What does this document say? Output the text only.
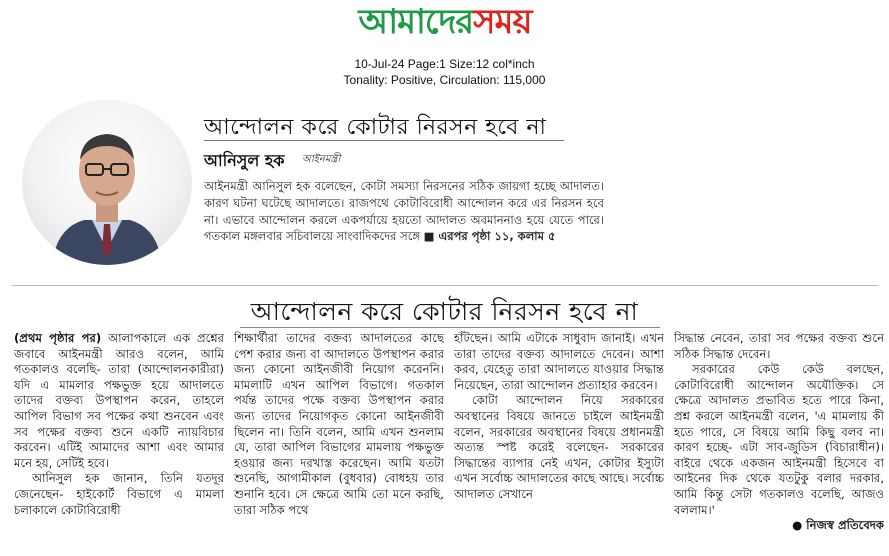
আমাদের সময়
10-Jul-24 Page:1 Size:12 col*inch
Tonality: Positive, Circulation: 115,000
আন্দোলন করে কোটার নিরসন হবে না
আনিসুল হক আইনমন্ত্রী
আইনমন্ত্রী আনিসুল হক বলেছেন, কোটা সমস্যা নিরসনের সঠিক জায়গা হচ্ছে আদালত। কারণ ঘটনা ঘটেছে আদালতে। রাজপথে কোটাবিরোধী আন্দোলন করে এর নিরসন হবে না। এভাবে আন্দোলন করলে একপর্যায়ে হয়তো আদালত অবমাননাও হয়ে যেতে পারে। গতকাল মঙ্গলবার সচিবালয়ে সাংবাদিকদের সঙ্গে ■ এরপর পৃষ্ঠা ১১, কলাম ৫
আন্দোলন করে কোটার নিরসন হবে না

(প্রথম পৃষ্ঠার পর) আলাপকালে এক প্রশ্নের জবাবে আইনমন্ত্রী আরও বলেন, আমি গতকালও বলেছি- তারা (আন্দোলনকারীরা) যদি এ মামলার পক্ষভুক্ত হয়ে আদালতে তাদের বক্তব্য উপস্থাপন করেন, তাহলে আপিল বিভাগ সব পক্ষের কথা শুনবেন এবং সব পক্ষের বক্তব্য শুনে একটি ন্যায়বিচার করবেন। এটিই আমাদের আশা এবং আমার মনে হয়, সেটিই হবে।

আনিসুল হক জানান, তিনি যতদূর জেনেছেন- হাইকোর্ট বিভাগে এ মামলা চলাকালে কোটাবিরোধী

শিক্ষার্থীরা তাদের বক্তব্য আদালতের কাছে পেশ করার জন্য বা আদালতে উপস্থাপন করার জন্য কোনো আইনজীবী নিয়োগ করেননি। মামলাটি এখন আপিল বিভাগে। গতকাল পর্যন্ত তাদের পক্ষে বক্তব্য উপস্থাপন করার জন্য তাদের নিয়োগকৃত কোনো আইনজীবী ছিলেন না। তিনি বলেন, আমি এখন শুনলাম যে, তারা আপিল বিভাগের মামলায় পক্ষভুক্ত হওয়ার জন্য দরখাস্ত করেছেন। আমি যতটা শুনেছি, আগামীকাল (বুধবার) বোধহয় তার শুনানি হবে। সে ক্ষেত্রে আমি তো মনে করছি, তারা সঠিক পথে

হাঁটছেন। আমি এটাকে সাধুবাদ জানাই। এখন তারা তাদের বক্তব্য আদালতে দেবেন। আশা করব, যেহেতু তারা আদালতে যাওয়ার সিদ্ধান্ত নিয়েছেন, তারা আন্দোলন প্রত্যাহার করবেন।

কোটা আন্দোলন নিয়ে সরকারের অবস্থানের বিষয়ে জানতে চাইলে আইনমন্ত্রী বলেন, সরকারের অবস্থানের বিষয়ে প্রধানমন্ত্রী অত্যন্ত স্পষ্ট করেই বলেছেন- সরকারের সিদ্ধান্তের ব্যাপার নেই এখন, কোটার ইস্যুটা এখন সর্বোচ্চ আদালতের কাছে আছে। সর্বোচ্চ আদালত সেখানে

সিদ্ধান্ত নেবেন, তারা সব পক্ষের বক্তব্য শুনে সঠিক সিদ্ধান্ত দেবেন।

সরকারের কেউ কেউ বলছেন, কোটাবিরোধী আন্দোলন অযৌক্তিক। সে ক্ষেত্রে আদালত প্রভাবিত হতে পারে কিনা, প্রশ্ন করলে আইনমন্ত্রী বলেন, 'এ মামলায় কী হতে পারে, সে বিষয়ে আমি কিছু বলব না। কারণ হচ্ছে- এটা সাব-জুডিস (বিচারাধীন)। বাইরে থেকে একজন আইনমন্ত্রী হিসেবে বা আইনের দিক থেকে যতটুকু বলার দরকার, আমি কিন্তু সেটা গতকালও বলেছি, আজও বললাম।'

● নিজস্ব প্রতিবেদক
